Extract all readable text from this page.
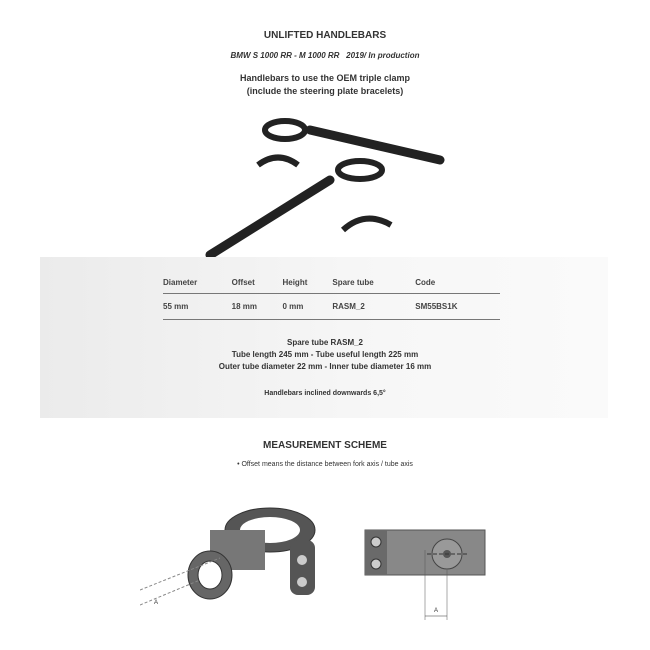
UNLIFTED HANDLEBARS
BMW S 1000 RR - M 1000 RR 2019/ In production
Handlebars to use the OEM triple clamp
(include the steering plate bracelets)
Diameter	Offset	Height	Spare tube	Code
55 mm	18 mm	0 mm	RASM_2	SM55BS1K
Spare tube RASM_2
Tube length 245 mm - Tube useful length 225 mm
Outer tube diameter 22 mm - Inner tube diameter 16 mm
Handlebars inclined downwards 6,5°
MEASUREMENT SCHEME
• Offset means the distance between fork axis / tube axis
A
A
